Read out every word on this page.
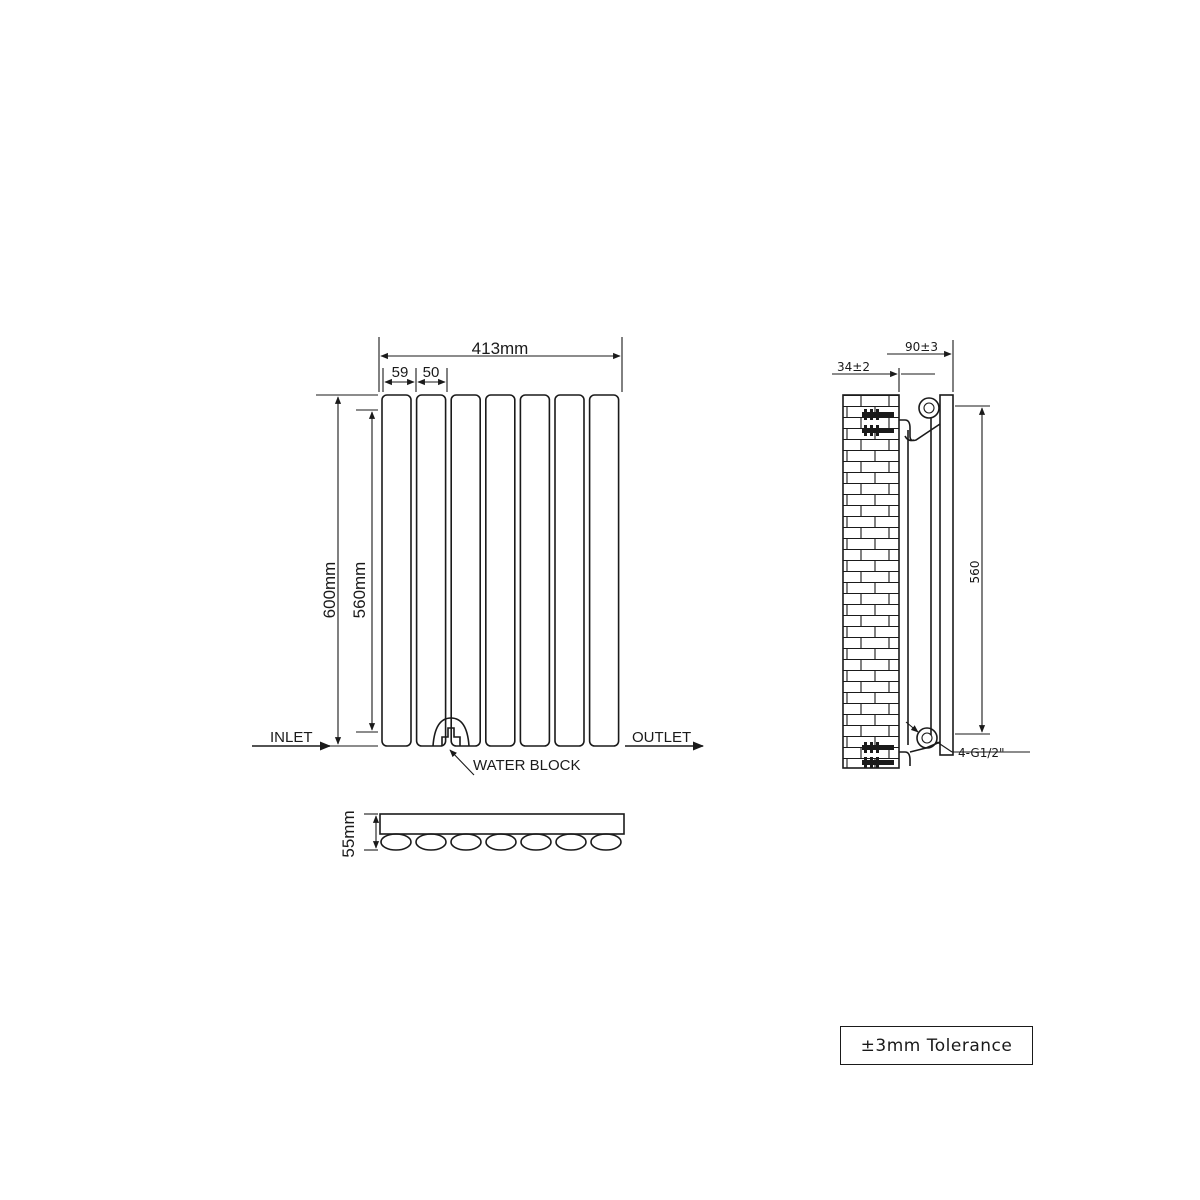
413mm
59 50
600mm 560mm
INLET	OUTLET
WATER BLOCK
55mm
90±3
34±2
560
4-G1/2"
± 3mm Tolerance
